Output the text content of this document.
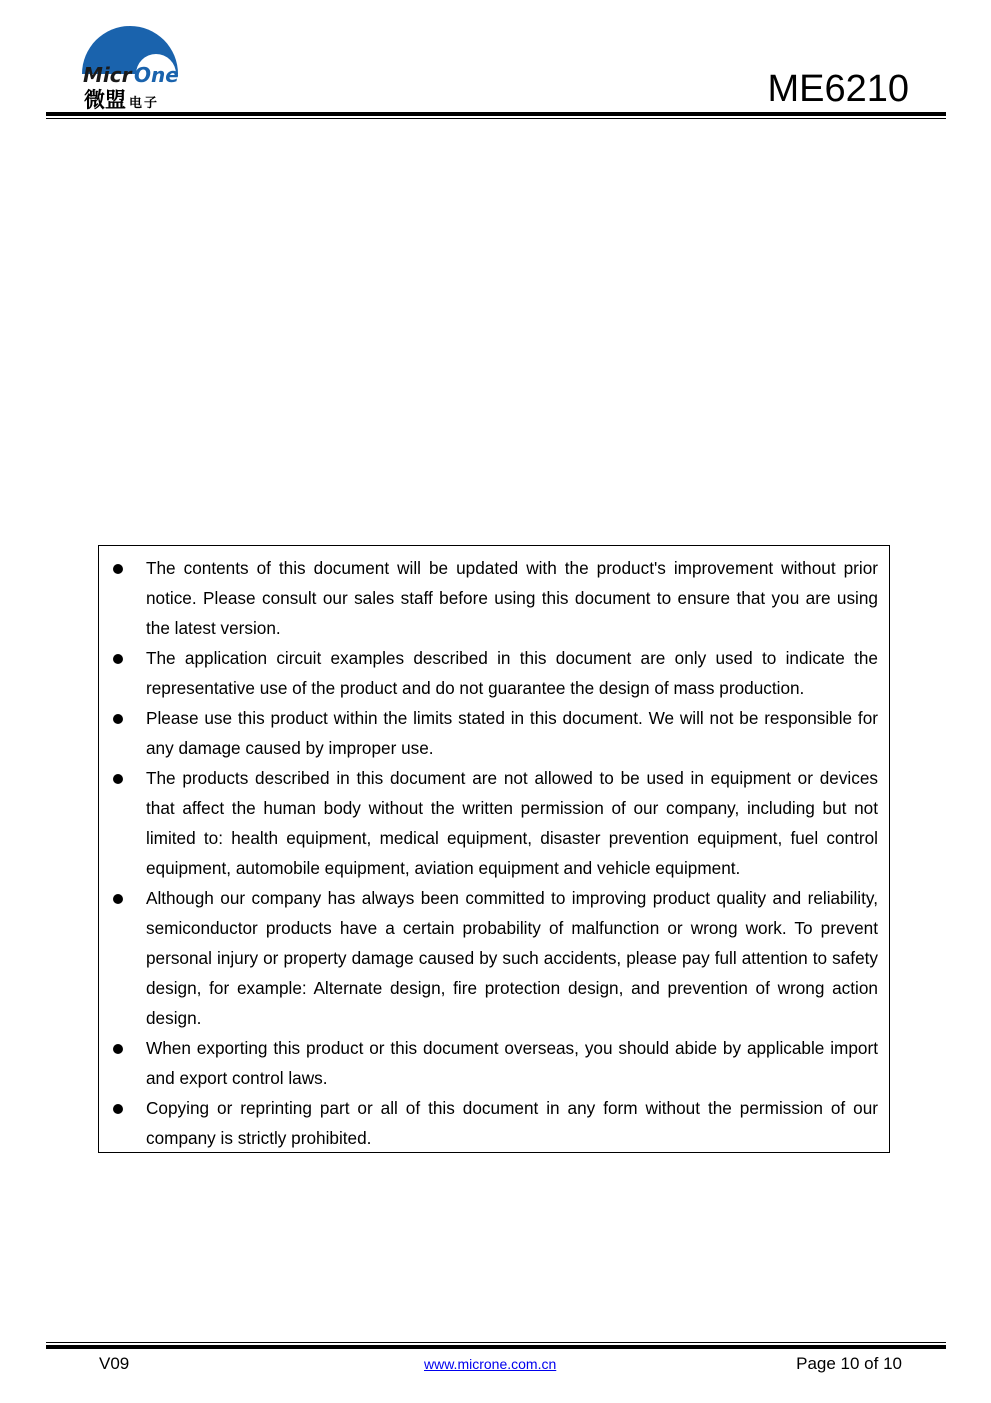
Micr One
微盟 电子	ME6210
The contents of this document will be updated with the product's improvement without prior notice. Please consult our sales staff before using this document to ensure that you are using the latest version.
The application circuit examples described in this document are only used to indicate the representative use of the product and do not guarantee the design of mass production.
Please use this product within the limits stated in this document. We will not be responsible for any damage caused by improper use.
The products described in this document are not allowed to be used in equipment or devices that affect the human body without the written permission of our company, including but not limited to: health equipment, medical equipment, disaster prevention equipment, fuel control equipment, automobile equipment, aviation equipment and vehicle equipment.
Although our company has always been committed to improving product quality and reliability, semiconductor products have a certain probability of malfunction or wrong work. To prevent personal injury or property damage caused by such accidents, please pay full attention to safety design, for example: Alternate design, fire protection design, and prevention of wrong action design.
When exporting this product or this document overseas, you should abide by applicable import and export control laws.
Copying or reprinting part or all of this document in any form without the permission of our company is strictly prohibited.
V09	www.microne.com.cn	Page 10 of 10
